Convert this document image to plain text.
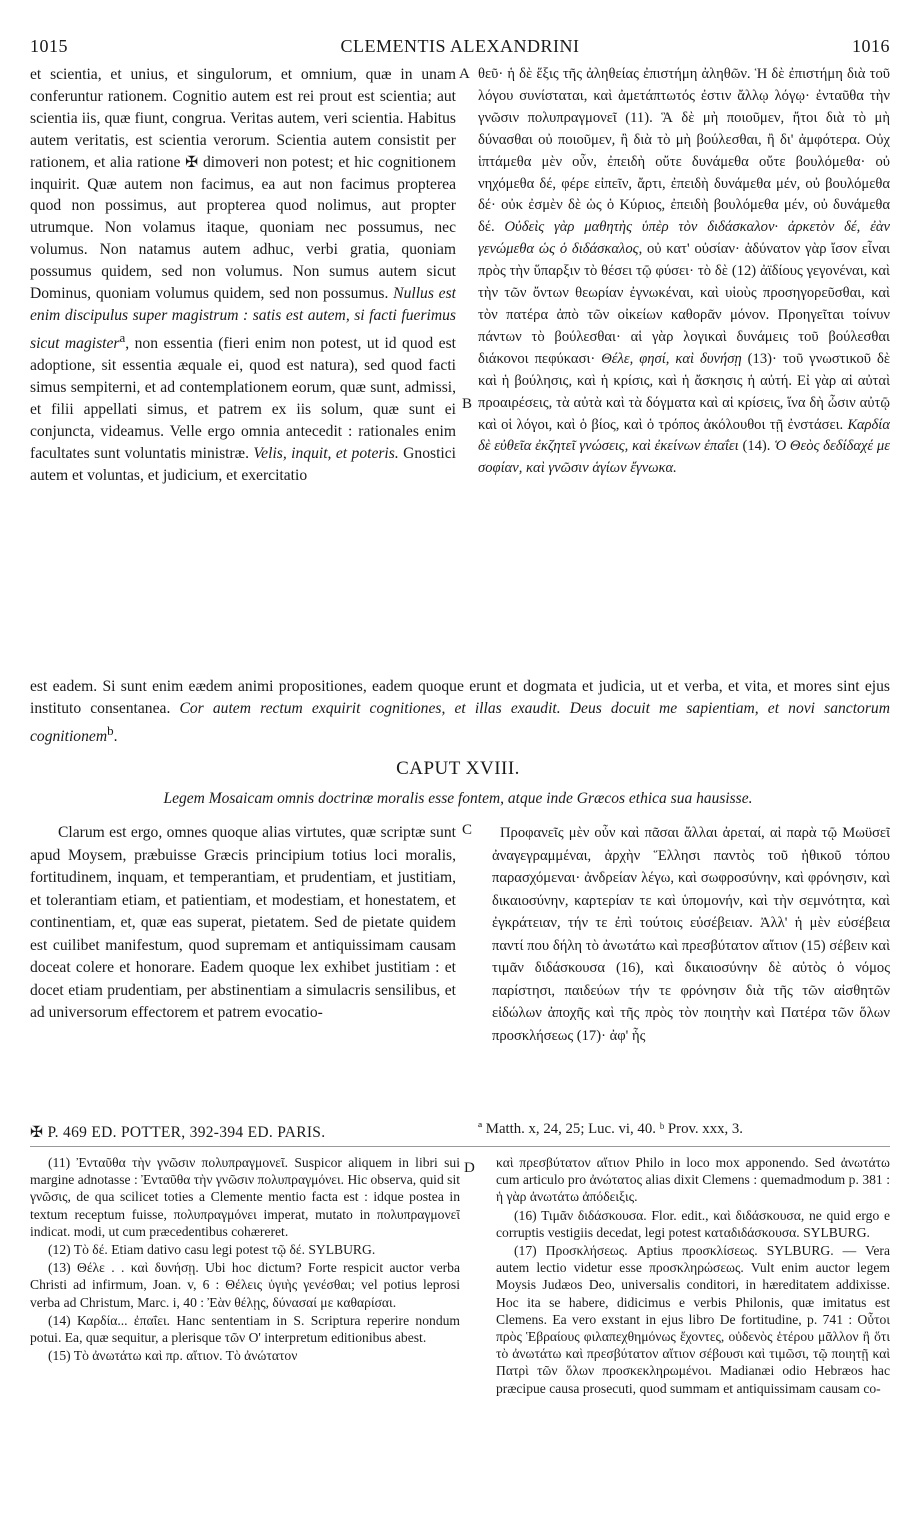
1015	CLEMENTIS ALEXANDRINI	1016
A
B
C
D

et scientia, et unius, et singulorum, et omnium, quæ in unam conferuntur rationem. Cognitio autem est rei prout est scientia; aut scientia iis, quæ fiunt, congrua. Veritas autem, veri scientia. Habitus autem veritatis, est scientia verorum. Scientia autem consistit per rationem, et alia ratione ✠ dimoveri non potest; et hic cognitionem inquirit. Quæ autem non facimus, ea aut non facimus propterea quod non possimus, aut propterea quod nolimus, aut propter utrumque. Non volamus itaque, quoniam nec possumus, nec volumus. Non natamus autem adhuc, verbi gratia, quoniam possumus quidem, sed non volumus. Non sumus autem sicut Dominus, quoniam volumus quidem, sed non possumus. Nullus est enim discipulus super magistrum : satis est autem, si facti fuerimus sicut magister$^a$, non essentia (fieri enim non potest, ut id quod est adoptione, sit essentia æquale ei, quod est natura), sed quod facti simus sempiterni, et ad contemplationem eorum, quæ sunt, admissi, et filii appellati simus, et patrem ex iis solum, quæ sunt ei conjuncta, videamus. Velle ergo omnia antecedit : rationales enim facultates sunt voluntatis ministræ. Velis, inquit, et poteris. Gnostici autem et voluntas, et judicium, et exercitatio

θεῦ· ἡ δὲ ἕξις τῆς ἀληθείας ἐπιστήμη ἀληθῶν. Ἡ δὲ ἐπιστήμη διὰ τοῦ λόγου συνίσταται, καὶ ἀμετάπτωτός ἐστιν ἄλλῳ λόγῳ· ἐνταῦθα τὴν γνῶσιν πολυπραγμονεῖ (11). Ἃ δὲ μὴ ποιοῦμεν, ἤτοι διὰ τὸ μὴ δύνασθαι οὐ ποιοῦμεν, ἢ διὰ τὸ μὴ βούλεσθαι, ἢ δι' ἀμφότερα. Οὐχ ἱπτάμεθα μὲν οὖν, ἐπειδὴ οὔτε δυνάμεθα οὔτε βουλόμεθα· οὐ νηχόμεθα δέ, φέρε εἰπεῖν, ἄρτι, ἐπειδὴ δυνάμεθα μέν, οὐ βουλόμεθα δέ· οὐκ ἐσμὲν δὲ ὡς ὁ Κύριος, ἐπειδὴ βουλόμεθα μέν, οὐ δυνάμεθα δέ. Οὐδεὶς γὰρ μαθητὴς ὑπὲρ τὸν διδάσκαλον· ἀρκετὸν δέ, ἐὰν γενώμεθα ὡς ὁ διδάσκαλος, οὐ κατ' οὐσίαν· ἀδύνατον γὰρ ἴσον εἶναι πρὸς τὴν ὕπαρξιν τὸ θέσει τῷ φύσει· τὸ δὲ (12) ἀϊδίους γεγονέναι, καὶ τὴν τῶν ὄντων θεωρίαν ἐγνωκέναι, καὶ υἱοὺς προσηγορεῦσθαι, καὶ τὸν πατέρα ἀπὸ τῶν οἰκείων καθορᾶν μόνον. Προηγεῖται τοίνυν πάντων τὸ βούλεσθαι· αἱ γὰρ λογικαὶ δυνάμεις τοῦ βούλεσθαι διάκονοι πεφύκασι· Θέλε, φησί, καὶ δυνήσῃ (13)· τοῦ γνωστικοῦ δὲ καὶ ἡ βούλησις, καὶ ἡ κρίσις, καὶ ἡ ἄσκησις ἡ αὐτή. Εἰ γὰρ αἱ αὐταὶ προαιρέσεις, τὰ αὐτὰ καὶ τὰ δόγματα καὶ αἱ κρίσεις, ἵνα δὴ ὦσιν αὐτῷ καὶ οἱ λόγοι, καὶ ὁ βίος, καὶ ὁ τρόπος ἀκόλουθοι τῇ ἐνστάσει. Καρδία δὲ εὐθεῖα ἐκζητεῖ γνώσεις, καὶ ἐκείνων ἐπαΐει (14). Ὁ Θεὸς δεδίδαχέ με σοφίαν, καὶ γνῶσιν ἁγίων ἔγνωκα.

est eadem. Si sunt enim eædem animi propositiones, eadem quoque erunt et dogmata et judicia, ut et verba, et vita, et mores sint ejus instituto consentanea. Cor autem rectum exquirit cognitiones, et illas exaudit. Deus docuit me sapientiam, et novi sanctorum cognitionem$^b$.

CAPUT XVIII.
Legem Mosaicam omnis doctrinæ moralis esse fontem, atque inde Græcos ethica sua hausisse.

Clarum est ergo, omnes quoque alias virtutes, quæ scriptæ sunt apud Moysem, præbuisse Græcis principium totius loci moralis, fortitudinem, inquam, et temperantiam, et prudentiam, et justitiam, et tolerantiam etiam, et patientiam, et modestiam, et honestatem, et continentiam, et, quæ eas superat, pietatem. Sed de pietate quidem est cuilibet manifestum, quod supremam et antiquissimam causam doceat colere et honorare. Eadem quoque lex exhibet justitiam : et docet etiam prudentiam, per abstinentiam a simulacris sensilibus, et ad universorum effectorem et patrem evocatio-

Προφανεῖς μὲν οὖν καὶ πᾶσαι ἄλλαι ἀρεταί, αἱ παρὰ τῷ Μωϋσεῖ ἀναγεγραμμέναι, ἀρχὴν Ἕλλησι παντὸς τοῦ ἠθικοῦ τόπου παρασχόμεναι· ἀνδρείαν λέγω, καὶ σωφροσύνην, καὶ φρόνησιν, καὶ δικαιοσύνην, καρτερίαν τε καὶ ὑπομονήν, καὶ τὴν σεμνότητα, καὶ ἐγκράτειαν, τήν τε ἐπὶ τούτοις εὐσέβειαν. Ἀλλ' ἡ μὲν εὐσέβεια παντί που δήλη τὸ ἀνωτάτω καὶ πρεσβύτατον αἴτιον (15) σέβειν καὶ τιμᾶν διδάσκουσα (16), καὶ δικαιοσύνην δὲ αὐτὸς ὁ νόμος παρίστησι, παιδεύων τήν τε φρόνησιν διὰ τῆς τῶν αἰσθητῶν εἰδώλων ἀποχῆς καὶ τῆς πρὸς τὸν ποιητὴν καὶ Πατέρα τῶν ὅλων προσκλήσεως (17)· ἀφ' ἧς

✠ P. 469 ED. POTTER, 392-394 ED. PARIS.	ª Matth. x, 24, 25; Luc. vi, 40. ᵇ Prov. xxx, 3.

(11) Ἐνταῦθα τὴν γνῶσιν πολυπραγμονεῖ. Suspicor aliquem in libri sui margine adnotasse : Ἐνταῦθα τὴν γνῶσιν πολυπραγμόνει. Hic observa, quid sit γνῶσις, de qua scilicet toties a Clemente mentio facta est : idque postea in textum receptum fuisse, πολυπραγμόνει imperat, mutato in πολυπραγμονεῖ indicat. modi, ut cum præcedentibus cohæreret.

(12) Τὸ δέ. Etiam dativo casu legi potest τῷ δέ. SYLBURG.

(13) Θέλε . . καὶ δυνήσῃ. Ubi hoc dictum? Forte respicit auctor verba Christi ad infirmum, Joan. v, 6 : Θέλεις ὑγιὴς γενέσθαι; vel potius leprosi verba ad Christum, Marc. i, 40 : Ἐὰν θέλῃς, δύνασαί με καθαρίσαι.

(14) Καρδία... ἐπαΐει. Hanc sententiam in S. Scriptura reperire nondum potui. Ea, quæ sequitur, a plerisque τῶν Ο' interpretum editionibus abest.

(15) Τὸ ἀνωτάτω καὶ πρ. αἴτιον. Τὸ ἀνώτατον

καὶ πρεσβύτατον αἴτιον Philo in loco mox apponendo. Sed ἀνωτάτω cum articulo pro ἀνώτατος alias dixit Clemens : quemadmodum p. 381 : ἡ γὰρ ἀνωτάτω ἀπόδειξις.

(16) Τιμᾶν διδάσκουσα. Flor. edit., καὶ διδάσκουσα, ne quid ergo e corruptis vestigiis decedat, legi potest καταδιδάσκουσα. SYLBURG.

(17) Προσκλήσεως. Aptius προσκλίσεως. SYLBURG. — Vera autem lectio videtur esse προσκληρώσεως. Vult enim auctor legem Moysis Judæos Deo, universalis conditori, in hæreditatem addixisse. Hoc ita se habere, didicimus e verbis Philonis, quæ imitatus est Clemens. Ea vero exstant in ejus libro De fortitudine, p. 741 : Οὗτοι πρὸς Ἑβραίους φιλαπεχθημόνως ἔχοντες, οὐδενὸς ἑτέρου μᾶλλον ἢ ὅτι τὸ ἀνωτάτω καὶ πρεσβύτατον αἴτιον σέβουσι καὶ τιμῶσι, τῷ ποιητῇ καὶ Πατρὶ τῶν ὅλων προσκεκληρωμένοι. Madianæi odio Hebræos hac præcipue causa prosecuti, quod summam et antiquissimam causam co-
